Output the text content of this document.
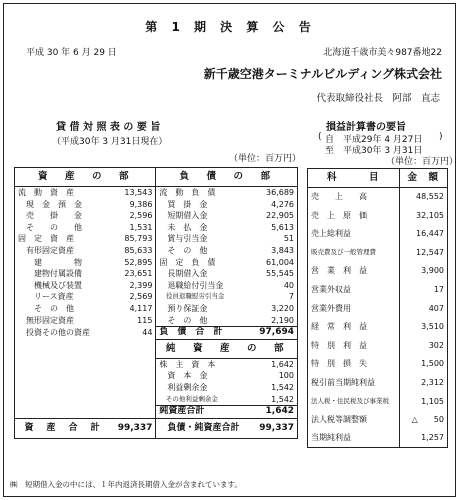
第 1 期 決 算 公 告
平成 30 年 6 月 29 日	北海道千歳市美々987番地22
新千歳空港ターミナルビルディング株式会社
代表取締役社長　阿部　直志
貸 借 対 照 表 の 要 旨
（平成30年 3 月31日現在）
（単位：百万円）
損益計算書の要旨
( 自　平成29年 4 月27日
至　平成30年 3 月31日
)
（単位：百万円）
資　産　の　部		負　債　の　部	
流　動　資　産	13,543	流　動　負　債	36,689
　現　金　預　金	9,386	　買　掛　金	4,276
　売　　掛　　金	2,596	　短期借入金	22,905
　そ　　の　　他	1,531	　未　払　金	5,613
固　定　資　産	85,793	　賞与引当金	51
　有形固定資産	85,633	　そ　の　他	3,843
　　建　　　　物	52,895	固　定　負　債	61,004
　　建物付属設備	23,651	　長期借入金	55,545
　　機械及び装置	2,399	　退職給付引当金	40
　　リース資産	2,569	　役員退職慰労引当金	7
　　そ　の　他	4,117	　預り保証金	3,220
　無形固定資産	115	　そ　の　他	2,190
　投資その他の資産	44	負　債　合　計	97,694
		純　資　産　の　部	
		株　主　資　本	1,642
		　資　本　金	100
		　利益剰余金	1,542
		　その他利益剰余金	1,542
		純資産合計	1,642
資　産　合　計	99,337	負債・純資産合計	99,337
科　　　目	金　額
売　　上　　高	48,552
売　上　原　価	32,105
売上総利益	16,447
販売費及び一般管理費	12,547
営　業　利　益	3,900
営業外収益	17
営業外費用	407
経　常　利　益	3,510
特　別　利　益	302
特　別　損　失	1,500
税引前当期純利益	2,312
法人税・住民税及び事業税	1,105
法人税等調整額	△　　50
当期純利益	1,257
㈱　短期借入金の中には、１年内返済長期借入金が含まれています。
